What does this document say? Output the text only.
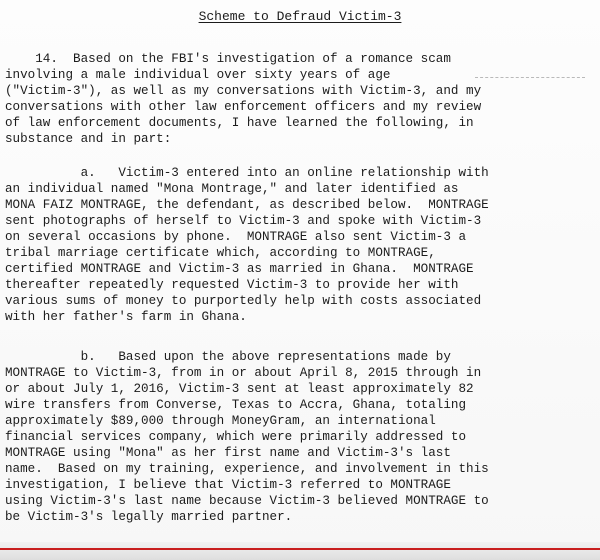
Scheme to Defraud Victim-3
14.  Based on the FBI's investigation of a romance scam
involving a male individual over sixty years of age
("Victim-3"), as well as my conversations with Victim-3, and my
conversations with other law enforcement officers and my review
of law enforcement documents, I have learned the following, in
substance and in part:
a.   Victim-3 entered into an online relationship with
an individual named "Mona Montrage," and later identified as
MONA FAIZ MONTRAGE, the defendant, as described below.  MONTRAGE
sent photographs of herself to Victim-3 and spoke with Victim-3
on several occasions by phone.  MONTRAGE also sent Victim-3 a
tribal marriage certificate which, according to MONTRAGE,
certified MONTRAGE and Victim-3 as married in Ghana.  MONTRAGE
thereafter repeatedly requested Victim-3 to provide her with
various sums of money to purportedly help with costs associated
with her father's farm in Ghana.
b.   Based upon the above representations made by
MONTRAGE to Victim-3, from in or about April 8, 2015 through in
or about July 1, 2016, Victim-3 sent at least approximately 82
wire transfers from Converse, Texas to Accra, Ghana, totaling
approximately $89,000 through MoneyGram, an international
financial services company, which were primarily addressed to
MONTRAGE using "Mona" as her first name and Victim-3's last
name.  Based on my training, experience, and involvement in this
investigation, I believe that Victim-3 referred to MONTRAGE
using Victim-3's last name because Victim-3 believed MONTRAGE to
be Victim-3's legally married partner.
